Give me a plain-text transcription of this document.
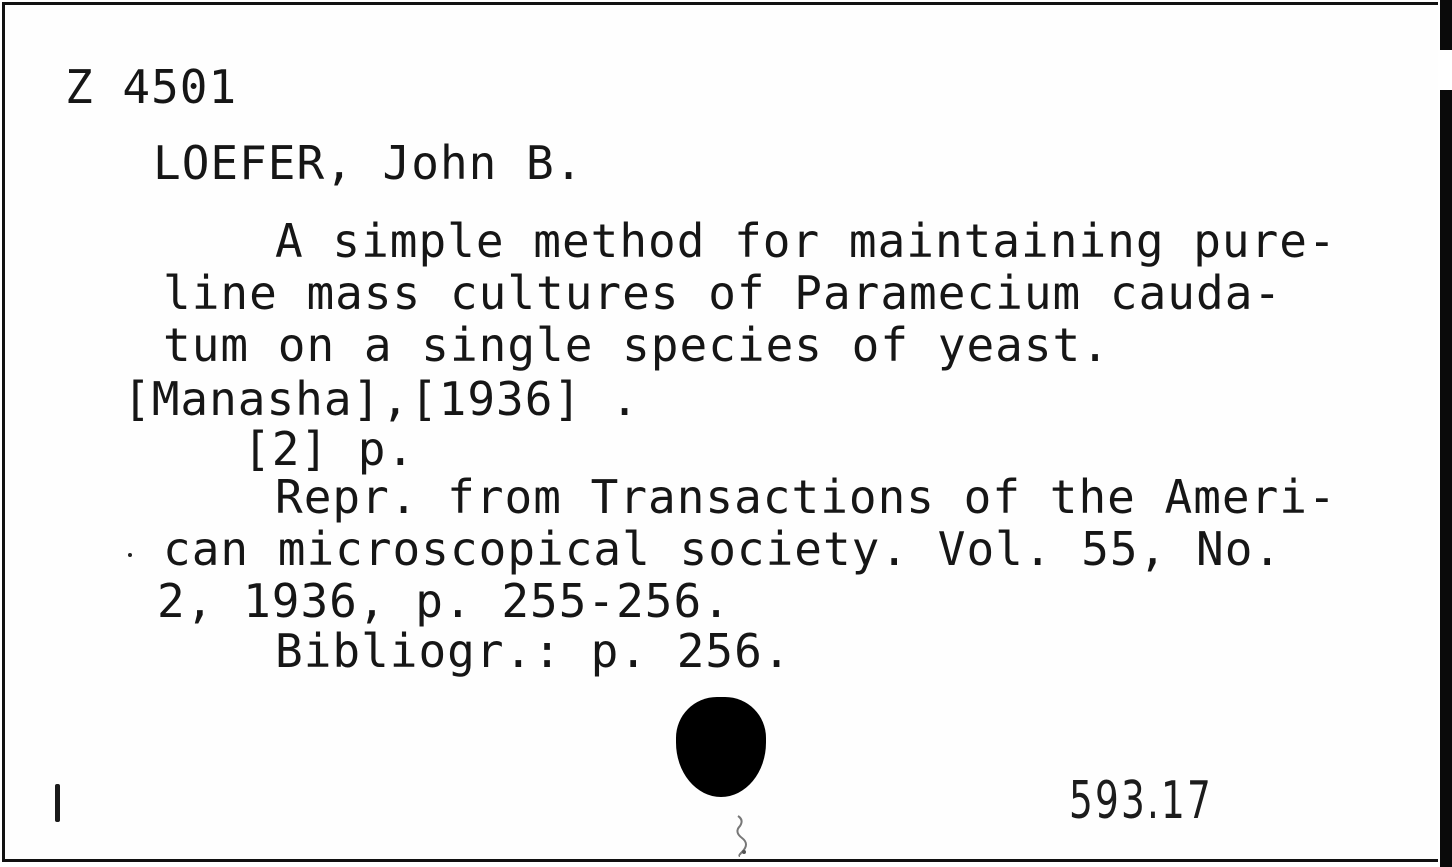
Z 4501

LOEFER, John B.

A simple method for maintaining pure-

line mass cultures of Paramecium cauda-

tum on a single species of yeast.

[Manasha],[1936] .

[2] p.

Repr. from Transactions of the Ameri-

can microscopical society. Vol. 55, No.

2, 1936, p. 255-256.

Bibliogr.: p. 256.

593.17
